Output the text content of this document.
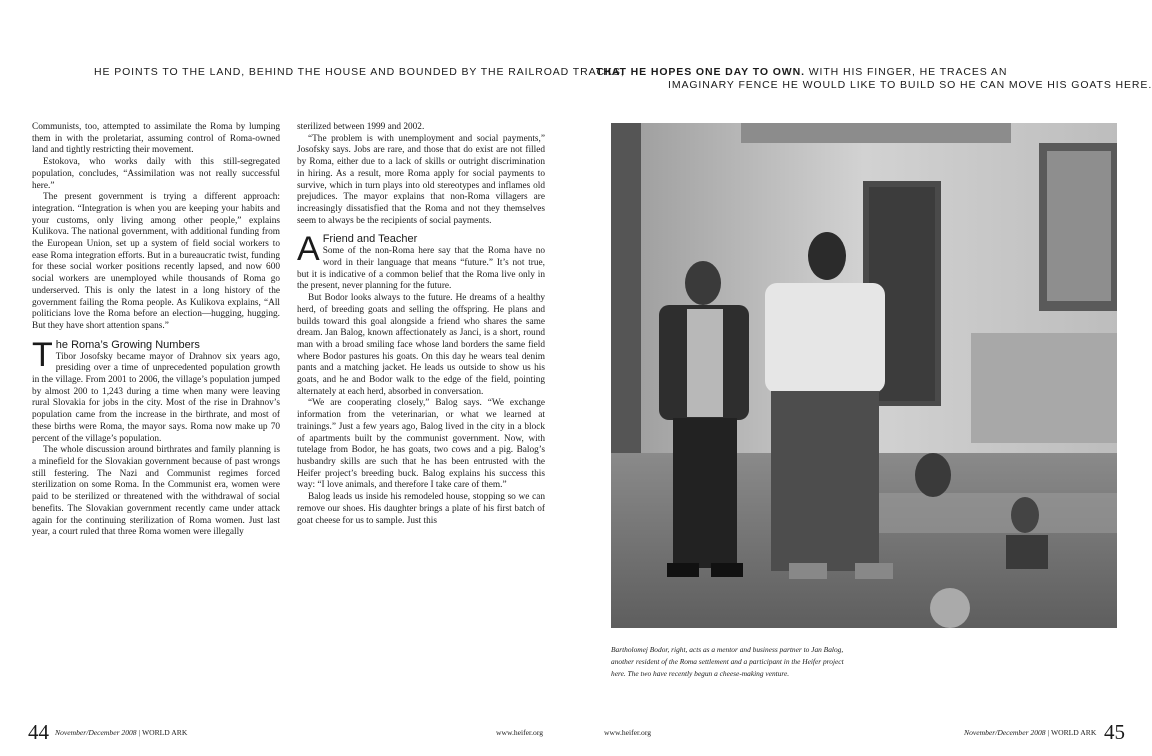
HE POINTS TO THE LAND, BEHIND THE HOUSE AND BOUNDED BY THE RAILROAD TRACKS,
THAT HE HOPES ONE DAY TO OWN. WITH HIS FINGER, HE TRACES AN
IMAGINARY FENCE HE WOULD LIKE TO BUILD SO HE CAN MOVE HIS GOATS HERE.

Communists, too, attempted to assimilate the Roma by lumping them in with the proletariat, assuming control of Roma-owned land and tightly restricting their movement.

Estokova, who works daily with this still-segregated population, concludes, “Assimilation was not really successful here.”

The present government is trying a different approach: integration. “Integration is when you are keeping your habits and your customs, only living among other people,” explains Kulikova. The national government, with additional funding from the European Union, set up a system of field social workers to ease Roma integration efforts. But in a bureaucratic twist, funding for these social worker positions recently lapsed, and now 600 social workers are unemployed while thousands of Roma go underserved. This is only the latest in a long history of the government failing the Roma people. As Kulikova explains, “All politicians love the Roma before an election—hugging, hugging. But they have short attention spans.”

T he Roma’s Growing Numbers

Tibor Josofsky became mayor of Drahnov six years ago, presiding over a time of unprecedented population growth in the village. From 2001 to 2006, the village’s population jumped by almost 200 to 1,243 during a time when many were leaving rural Slovakia for jobs in the city. Most of the rise in Drahnov’s population came from the increase in the birthrate, and most of these births were Roma, the mayor says. Roma now make up 70 percent of the village’s population.

The whole discussion around birthrates and family planning is a minefield for the Slovakian government because of past wrongs still festering. The Nazi and Communist regimes forced sterilization on some Roma. In the Communist era, women were paid to be sterilized or threatened with the withdrawal of social benefits. The Slovakian government recently came under attack again for the continuing sterilization of Roma women. Just last year, a court ruled that three Roma women were illegally

sterilized between 1999 and 2002.

“The problem is with unemployment and social payments,” Josofsky says. Jobs are rare, and those that do exist are not filled by Roma, either due to a lack of skills or outright discrimination in hiring. As a result, more Roma apply for social payments to survive, which in turn plays into old stereotypes and inflames old prejudices. The mayor explains that non-Roma villagers are increasingly dissatisfied that the Roma and not they themselves seem to always be the recipients of social payments.

A Friend and Teacher

Some of the non-Roma here say that the Roma have no word in their language that means “future.” It’s not true, but it is indicative of a common belief that the Roma live only in the present, never planning for the future.

But Bodor looks always to the future. He dreams of a healthy herd, of breeding goats and selling the offspring. He plans and builds toward this goal alongside a friend who shares the same dream. Jan Balog, known affectionately as Janci, is a short, round man with a broad smiling face whose land borders the same field where Bodor pastures his goats. On this day he wears teal denim pants and a matching jacket. He leads us outside to show us his goats, and he and Bodor walk to the edge of the field, pointing alternately at each herd, absorbed in conversation.

“We are cooperating closely,” Balog says. “We exchange information from the veterinarian, or what we learned at trainings.” Just a few years ago, Balog lived in the city in a block of apartments built by the communist government. Now, with tutelage from Bodor, he has goats, two cows and a pig. Balog’s husbandry skills are such that he has been entrusted with the Heifer project’s breeding buck. Balog explains his success this way: “I love animals, and therefore I take care of them.”

Balog leads us inside his remodeled house, stopping so we can remove our shoes. His daughter brings a plate of his first batch of goat cheese for us to sample. Just this

Bartholomej Bodor, right, acts as a mentor and business partner to Jan Balog, another resident of the Roma settlement and a participant in the Heifer project here. The two have recently begun a cheese-making venture.
44 November/December 2008 | WORLD ARK	www.heifer.org	www.heifer.org	November/December 2008 | WORLD ARK 45
